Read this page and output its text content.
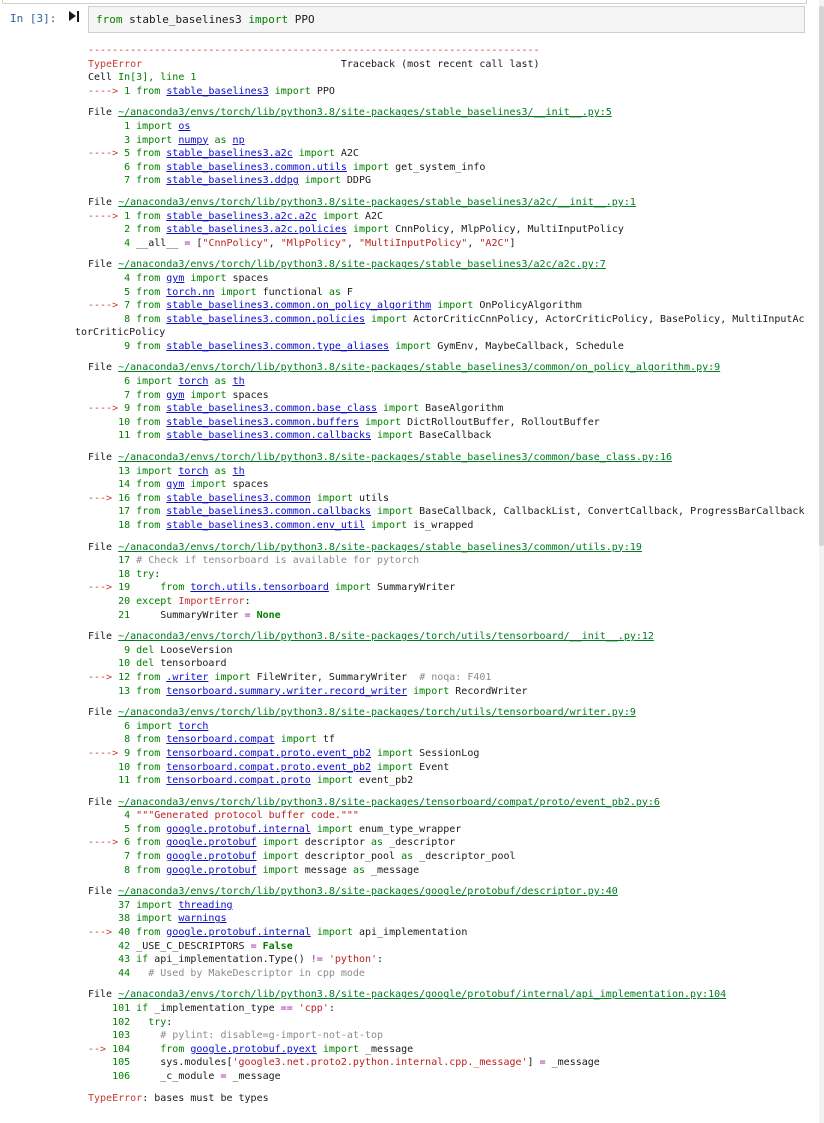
In [3]:	from stable_baselines3 import PPO
---------------------------------------------------------------------------
TypeError                                 Traceback (most recent call last)
Cell In[3], line 1
----> 1 from stable_baselines3 import PPO
File ~/anaconda3/envs/torch/lib/python3.8/site-packages/stable_baselines3/__init__.py:5
1 import os
3 import numpy as np
----> 5 from stable_baselines3.a2c import A2C
6 from stable_baselines3.common.utils import get_system_info
7 from stable_baselines3.ddpg import DDPG
File ~/anaconda3/envs/torch/lib/python3.8/site-packages/stable_baselines3/a2c/__init__.py:1
----> 1 from stable_baselines3.a2c.a2c import A2C
2 from stable_baselines3.a2c.policies import CnnPolicy, MlpPolicy, MultiInputPolicy
4 __all__ = ["CnnPolicy", "MlpPolicy", "MultiInputPolicy", "A2C"]
File ~/anaconda3/envs/torch/lib/python3.8/site-packages/stable_baselines3/a2c/a2c.py:7
4 from gym import spaces
5 from torch.nn import functional as F
----> 7 from stable_baselines3.common.on_policy_algorithm import OnPolicyAlgorithm
8 from stable_baselines3.common.policies import ActorCriticCnnPolicy, ActorCriticPolicy, BasePolicy, MultiInputAc
torCriticPolicy
9 from stable_baselines3.common.type_aliases import GymEnv, MaybeCallback, Schedule
File ~/anaconda3/envs/torch/lib/python3.8/site-packages/stable_baselines3/common/on_policy_algorithm.py:9
6 import torch as th
7 from gym import spaces
----> 9 from stable_baselines3.common.base_class import BaseAlgorithm
10 from stable_baselines3.common.buffers import DictRolloutBuffer, RolloutBuffer
11 from stable_baselines3.common.callbacks import BaseCallback
File ~/anaconda3/envs/torch/lib/python3.8/site-packages/stable_baselines3/common/base_class.py:16
13 import torch as th
14 from gym import spaces
---> 16 from stable_baselines3.common import utils
17 from stable_baselines3.common.callbacks import BaseCallback, CallbackList, ConvertCallback, ProgressBarCallback
18 from stable_baselines3.common.env_util import is_wrapped
File ~/anaconda3/envs/torch/lib/python3.8/site-packages/stable_baselines3/common/utils.py:19
17 # Check if tensorboard is available for pytorch
18 try:
---> 19	from torch.utils.tensorboard import SummaryWriter
20 except ImportError:
21     SummaryWriter = None
File ~/anaconda3/envs/torch/lib/python3.8/site-packages/torch/utils/tensorboard/__init__.py:12
9 del LooseVersion
10 del tensorboard
---> 12 from .writer import FileWriter, SummaryWriter  # noqa: F401
13 from tensorboard.summary.writer.record_writer import RecordWriter
File ~/anaconda3/envs/torch/lib/python3.8/site-packages/torch/utils/tensorboard/writer.py:9
6 import torch
8 from tensorboard.compat import tf
----> 9 from tensorboard.compat.proto.event_pb2 import SessionLog
10 from tensorboard.compat.proto.event_pb2 import Event
11 from tensorboard.compat.proto import event_pb2
File ~/anaconda3/envs/torch/lib/python3.8/site-packages/tensorboard/compat/proto/event_pb2.py:6
4 """Generated protocol buffer code."""
5 from google.protobuf.internal import enum_type_wrapper
----> 6 from google.protobuf import descriptor as _descriptor
7 from google.protobuf import descriptor_pool as _descriptor_pool
8 from google.protobuf import message as _message
File ~/anaconda3/envs/torch/lib/python3.8/site-packages/google/protobuf/descriptor.py:40
37 import threading
38 import warnings
---> 40 from google.protobuf.internal import api_implementation
42 _USE_C_DESCRIPTORS = False
43 if api_implementation.Type() != 'python':
44 # Used by MakeDescriptor in cpp mode
File ~/anaconda3/envs/torch/lib/python3.8/site-packages/google/protobuf/internal/api_implementation.py:104
101 if _implementation_type == 'cpp':
102 try:
103	# pylint: disable=g-import-not-at-top
--> 104	from google.protobuf.pyext import _message
105     sys.modules['google3.net.proto2.python.internal.cpp._message'] = _message
106     _c_module = _message
TypeError: bases must be types
